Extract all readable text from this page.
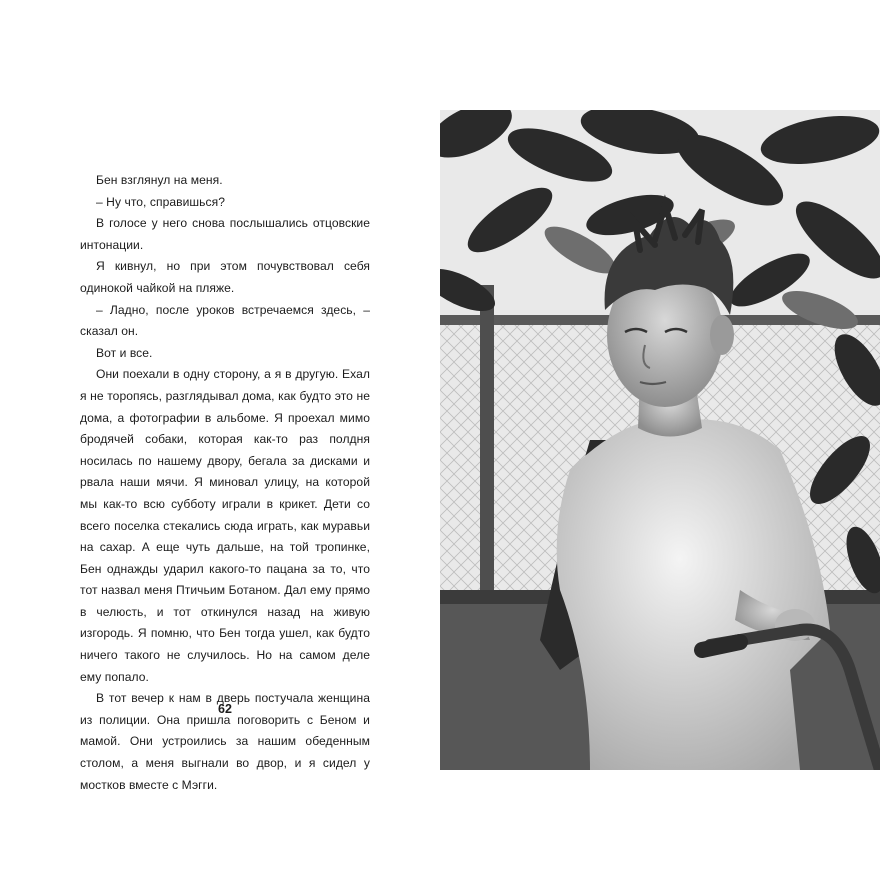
Бен взглянул на меня.

– Ну что, справишься?

В голосе у него снова послышались отцовские интонации.

Я кивнул, но при этом почувствовал себя одинокой чайкой на пляже.

– Ладно, после уроков встречаемся здесь, – сказал он.

Вот и все.

Они поехали в одну сторону, а я в другую. Ехал я не торопясь, разглядывал дома, как будто это не дома, а фотографии в альбоме. Я проехал мимо бродячей собаки, которая как-то раз полдня носилась по нашему двору, бегала за дисками и рвала наши мячи. Я миновал улицу, на которой мы как-то всю субботу играли в крикет. Дети со всего поселка стекались сюда играть, как муравьи на сахар. А еще чуть дальше, на той тропинке, Бен однажды ударил какого-то пацана за то, что тот назвал меня Птичьим Ботаном. Дал ему прямо в челюсть, и тот откинулся назад на живую изгородь. Я помню, что Бен тогда ушел, как будто ничего такого не случилось. Но на самом деле ему попало.

В тот вечер к нам в дверь постучала женщина из полиции. Она пришла поговорить с Беном и мамой. Они устроились за нашим обеденным столом, а меня выгнали во двор, и я сидел у мостков вместе с Мэгги.

62
